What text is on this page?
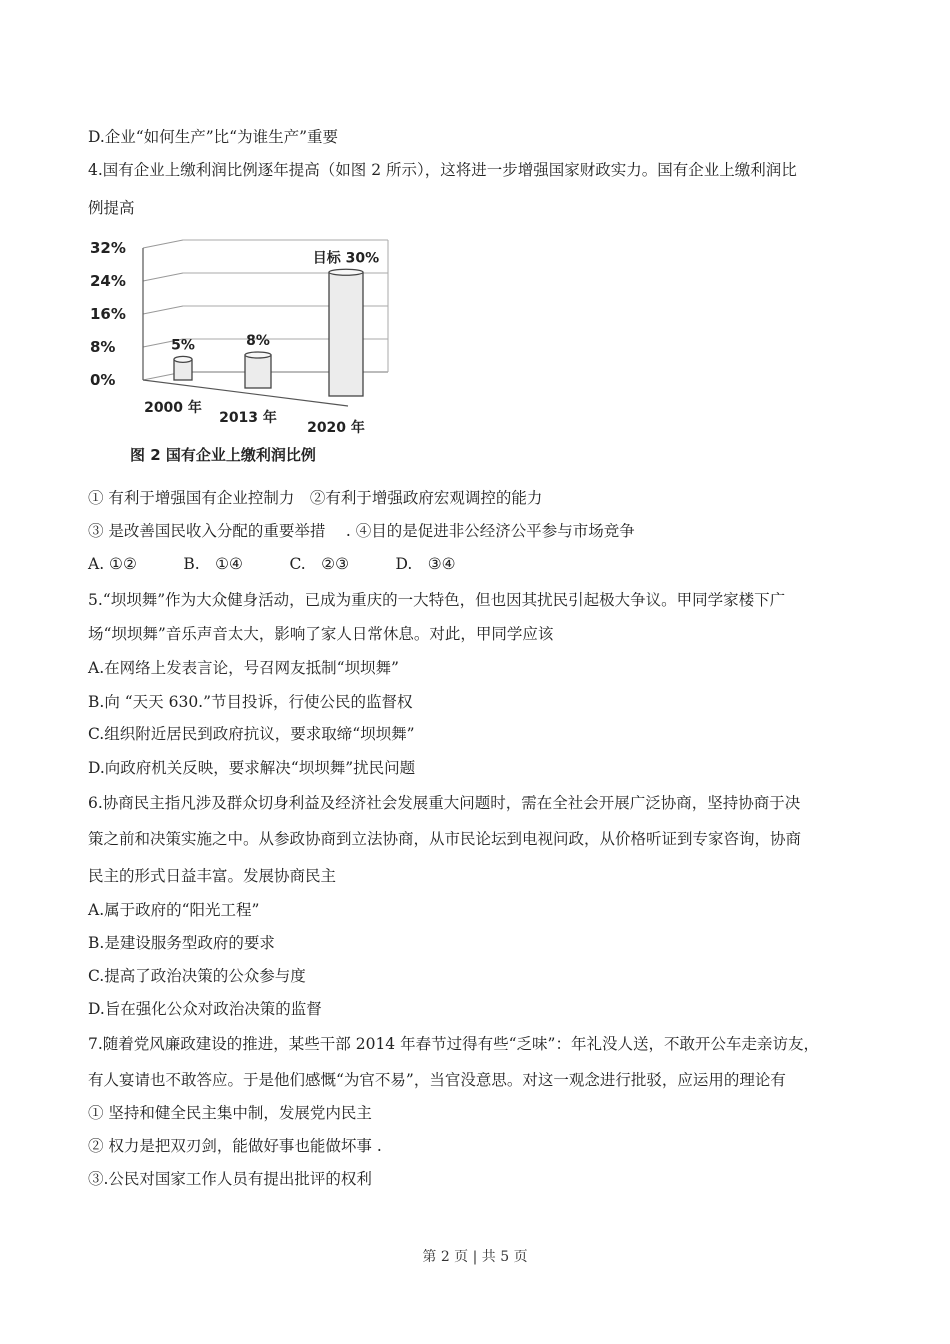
D.企业“如何生产”比“为谁生产”重要
4.国有企业上缴利润比例逐年提高（如图 2 所示），这将进一步增强国家财政实力。国有企业上缴利润比
例提高
32%
24%
16%
8%
0%
5%
2000 年
8%
2013 年
目标 30%
2020 年
图 2 国有企业上缴利润比例
① 有利于增强国有企业控制力　②有利于增强政府宏观调控的能力
③ 是改善国民收入分配的重要举措　 . ④目的是促进非公经济公平参与市场竞争
A. ①②　　　B.　①④　　　C.　②③　　　D.　③④
5.“坝坝舞”作为大众健身活动，已成为重庆的一大特色，但也因其扰民引起极大争议。甲同学家楼下广
场“坝坝舞”音乐声音太大，影响了家人日常休息。对此，甲同学应该
A.在网络上发表言论，号召网友抵制“坝坝舞”
B.向 “天天 630.”节目投诉，行使公民的监督权
C.组织附近居民到政府抗议，要求取缔“坝坝舞”
D.向政府机关反映，要求解决“坝坝舞”扰民问题
6.协商民主指凡涉及群众切身利益及经济社会发展重大问题时，需在全社会开展广泛协商，坚持协商于决
策之前和决策实施之中。从参政协商到立法协商，从市民论坛到电视问政，从价格听证到专家咨询，协商
民主的形式日益丰富。发展协商民主
A.属于政府的“阳光工程”
B.是建设服务型政府的要求
C.提高了政治决策的公众参与度
D.旨在强化公众对政治决策的监督
7.随着党风廉政建设的推进，某些干部 2014 年春节过得有些“乏味”：年礼没人送，不敢开公车走亲访友，
有人宴请也不敢答应。于是他们感慨“为官不易”，当官没意思。对这一观念进行批驳，应运用的理论有
① 坚持和健全民主集中制，发展党内民主
② 权力是把双刃剑，能做好事也能做坏事 .
③.公民对国家工作人员有提出批评的权利
第 2 页 | 共 5 页
